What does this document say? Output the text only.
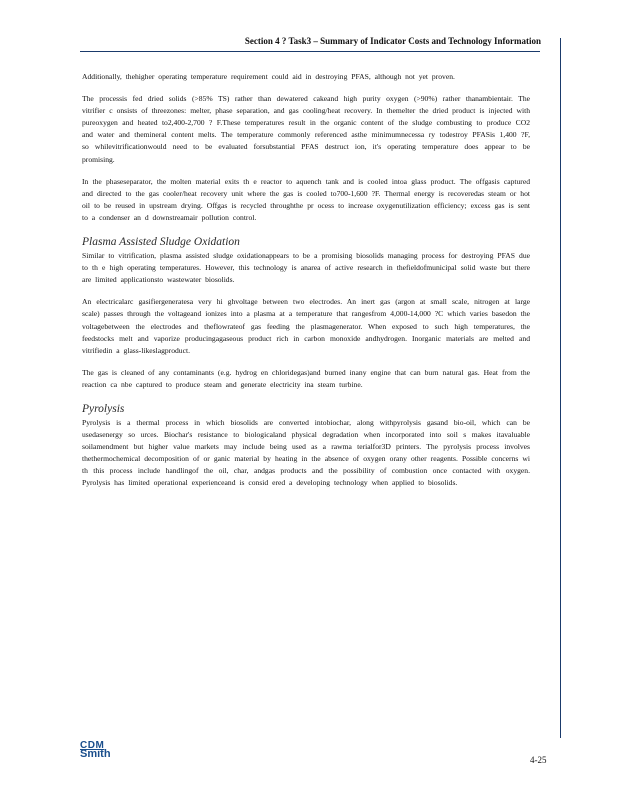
Section 4 ? Task3 – Summary of Indicator Costs and Technology Information

Additionally, thehigher operating temperature requirement could aid in destroying PFAS, although not yet proven.

The processis fed dried solids (>85% TS) rather than dewatered cakeand high purity oxygen (>90%) rather thanambientair. The vitrifier c onsists of threezones: melter, phase separation, and gas cooling/heat recovery. In themelter the dried product is injected with pureoxygen and heated to2,400-2,700 ? F.These temperatures result in the organic content of the sludge combusting to produce CO2 and water and themineral content melts. The temperature commonly referenced asthe minimumnecessa ry todestroy PFASis 1,400 ?F, so whilevitrificationwould need to be evaluated forsubstantial PFAS destruct ion, it's operating temperature does appear to be promising.

In the phaseseparator, the molten material exits th e reactor to aquench tank and is cooled intoa glass product. The offgasis captured and directed to the gas cooler/heat recovery unit where the gas is cooled to700-1,600 ?F. Thermal energy is recoveredas steam or hot oil to be reused in upstream drying. Offgas is recycled throughthe pr ocess to increase oxygenutilization efficiency; excess gas is sent to a condenser an d downstreamair pollution control.

Plasma Assisted Sludge Oxidation

Similar to vitrification, plasma assisted sludge oxidationappears to be a promising biosolids managing process for destroying PFAS due to th e high operating temperatures. However, this technology is anarea of active research in thefieldofmunicipal solid waste but there are limited applicationsto wastewater biosolids.

An electricalarc gasifiergeneratesa very hi ghvoltage between two electrodes. An inert gas (argon at small scale, nitrogen at large scale) passes through the voltageand ionizes into a plasma at a temperature that rangesfrom 4,000-14,000 ?C which varies basedon the voltagebetween the electrodes and theflowrateof gas feeding the plasmagenerator. When exposed to such high temperatures, the feedstocks melt and vaporize producingagaseous product rich in carbon monoxide andhydrogen. Inorganic materials are melted and vitrifiedin a glass-likeslagproduct.

The gas is cleaned of any contaminants (e.g. hydrog en chloridegas)and burned inany engine that can burn natural gas. Heat from the reaction ca nbe captured to produce steam and generate electricity ina steam turbine.

Pyrolysis

Pyrolysis is a thermal process in which biosolids are converted intobiochar, along withpyrolysis gasand bio-oil, which can be usedasenergy so urces. Biochar's resistance to biologicaland physical degradation when incorporated into soil s makes itavaluable soilamendment but higher value markets may include being used as a rawma terialfor3D printers. The pyrolysis process involves thethermochemical decomposition of or ganic material by heating in the absence of oxygen orany other reagents. Possible concerns wi th this process include handlingof the oil, char, andgas products and the possibility of combustion once contacted with oxygen. Pyrolysis has limited operational experienceand is consid ered a developing technology when applied to biosolids.

CDM
Smith	4-25
